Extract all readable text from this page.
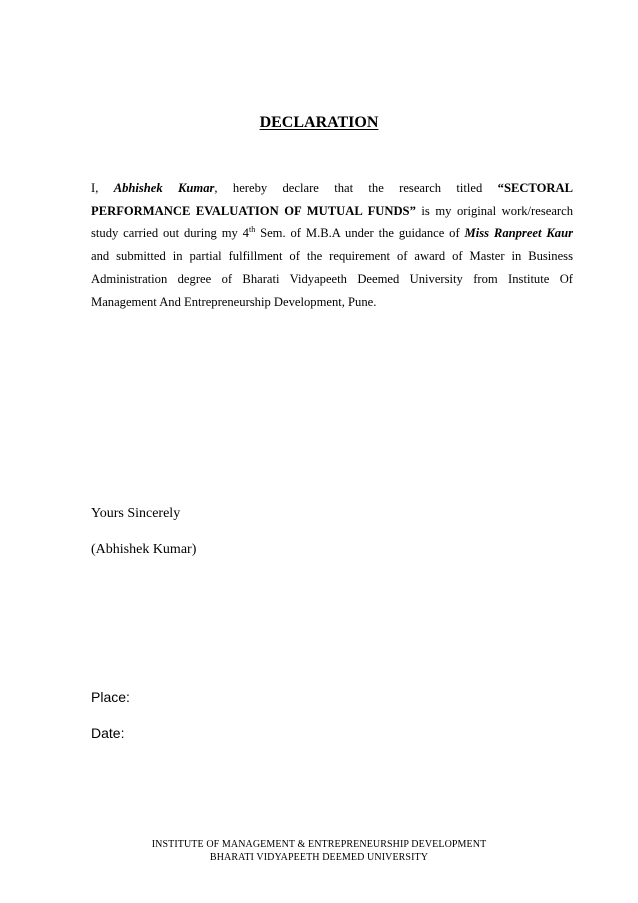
DECLARATION
I, Abhishek Kumar, hereby declare that the research titled “SECTORAL
PERFORMANCE EVALUATION OF MUTUAL FUNDS” is my original work/research
study carried out during my 4th Sem. of M.B.A under the guidance of Miss Ranpreet Kaur
and submitted in partial fulfillment of the requirement of award of Master in Business
Administration degree of Bharati Vidyapeeth Deemed University from Institute Of
Management And Entrepreneurship Development, Pune.
Yours Sincerely
(Abhishek Kumar)
Place:
Date:
INSTITUTE OF MANAGEMENT & ENTREPRENEURSHIP DEVELOPMENT
BHARATI VIDYAPEETH DEEMED UNIVERSITY
